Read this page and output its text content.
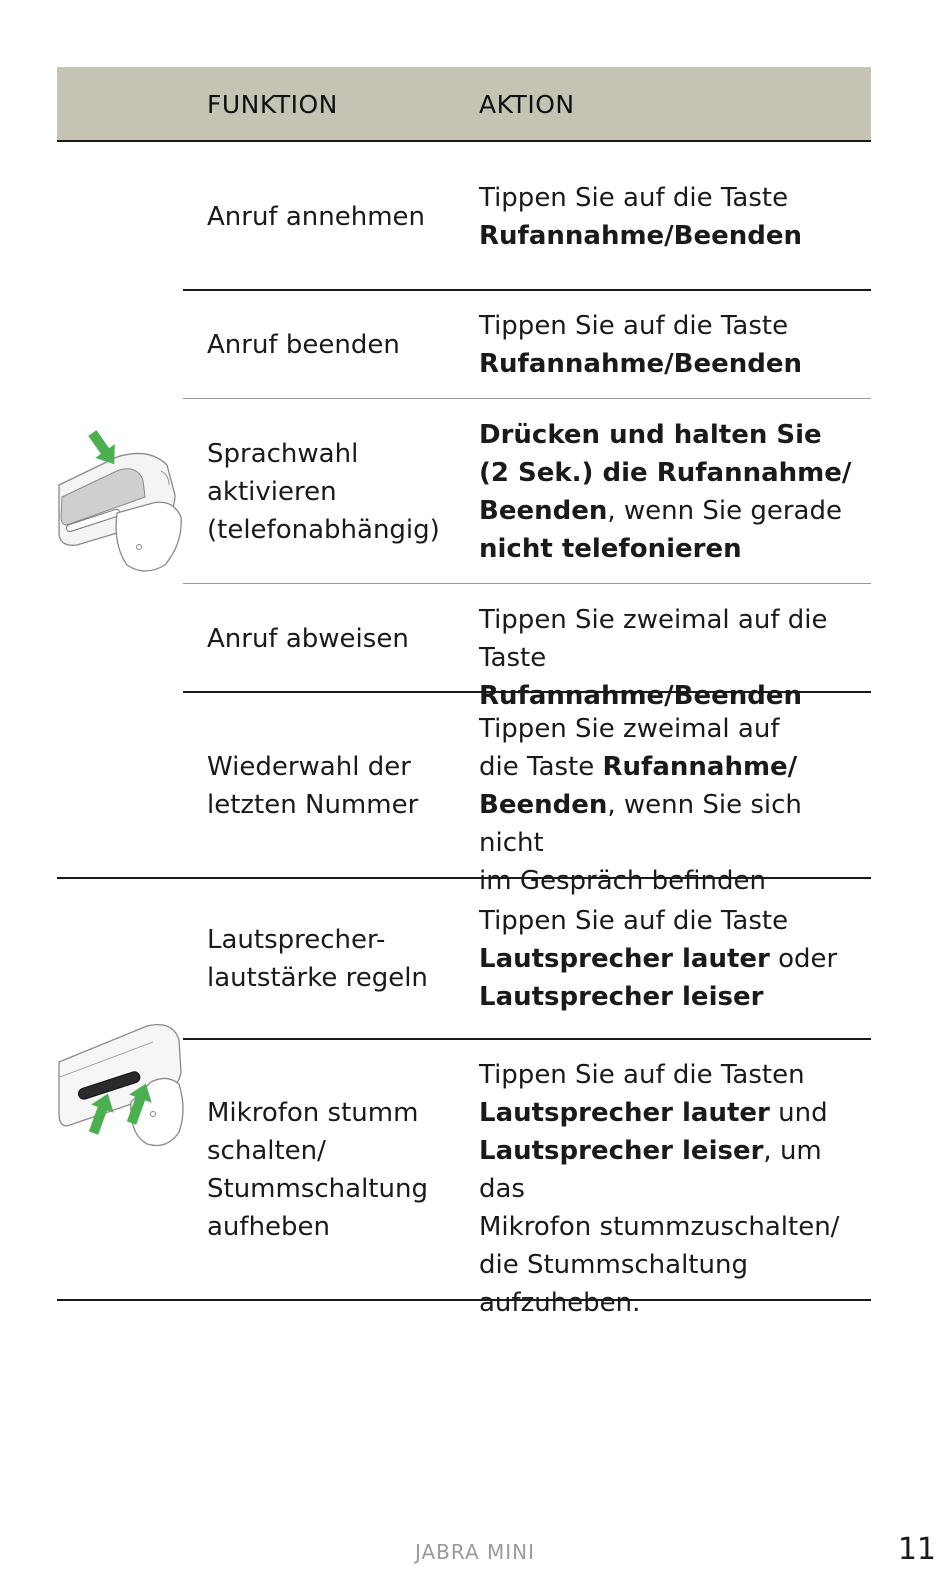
FUNKTION	AKTION
Anruf annehmen
Tippen Sie auf die Taste
Rufannahme/Beenden
Anruf beenden
Tippen Sie auf die Taste
Rufannahme/Beenden
Sprachwahl
aktivieren
(telefonabhängig)
Drücken und halten Sie
(2 Sek.) die Rufannahme/
Beenden, wenn Sie gerade
nicht telefonieren
Anruf abweisen
Tippen Sie zweimal auf die
Taste Rufannahme/Beenden
Wiederwahl der
letzten Nummer
Tippen Sie zweimal auf
die Taste Rufannahme/
Beenden, wenn Sie sich nicht
im Gespräch befinden
Lautsprecher-
lautstärke regeln
Tippen Sie auf die Taste
Lautsprecher lauter oder
Lautsprecher leiser
Mikrofon stumm
schalten/
Stummschaltung
aufheben
Tippen Sie auf die Tasten
Lautsprecher lauter und
Lautsprecher leiser, um das
Mikrofon stummzuschalten/
die Stummschaltung
aufzuheben.
JABRA MINI	11
